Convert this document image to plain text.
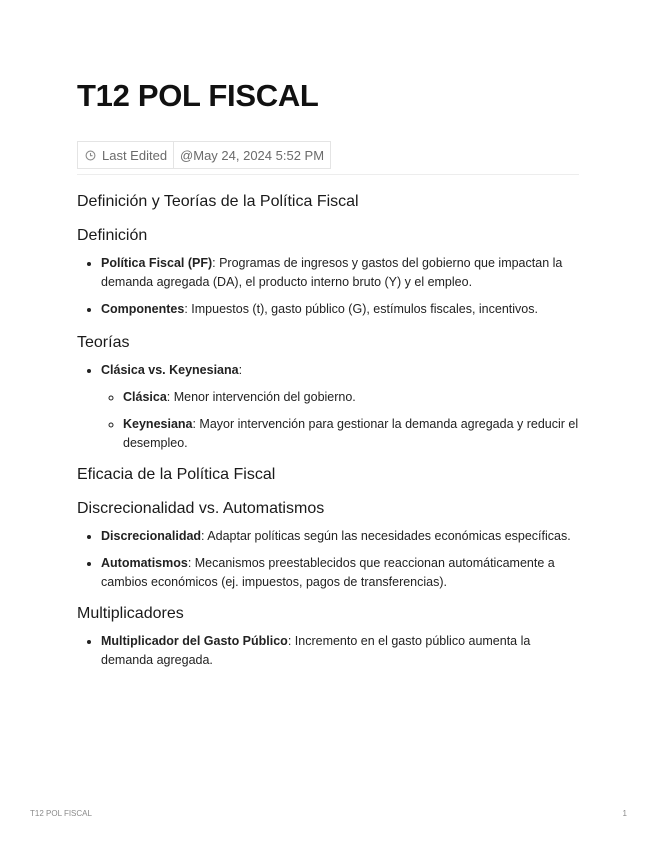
T12 POL FISCAL
Last Edited	@May 24, 2024 5:52 PM
Definición y Teorías de la Política Fiscal
Definición
• Política Fiscal (PF): Programas de ingresos y gastos del gobierno que impactan la demanda agregada (DA), el producto interno bruto (Y) y el empleo.
• Componentes: Impuestos (t), gasto público (G), estímulos fiscales, incentivos.
Teorías
• Clásica vs. Keynesiana:
◦ Clásica: Menor intervención del gobierno.
◦ Keynesiana: Mayor intervención para gestionar la demanda agregada y reducir el desempleo.
Eficacia de la Política Fiscal
Discrecionalidad vs. Automatismos
• Discrecionalidad: Adaptar políticas según las necesidades económicas específicas.
• Automatismos: Mecanismos preestablecidos que reaccionan automáticamente a cambios económicos (ej. impuestos, pagos de transferencias).
Multiplicadores
• Multiplicador del Gasto Público: Incremento en el gasto público aumenta la demanda agregada.
T12 POL FISCAL	1
